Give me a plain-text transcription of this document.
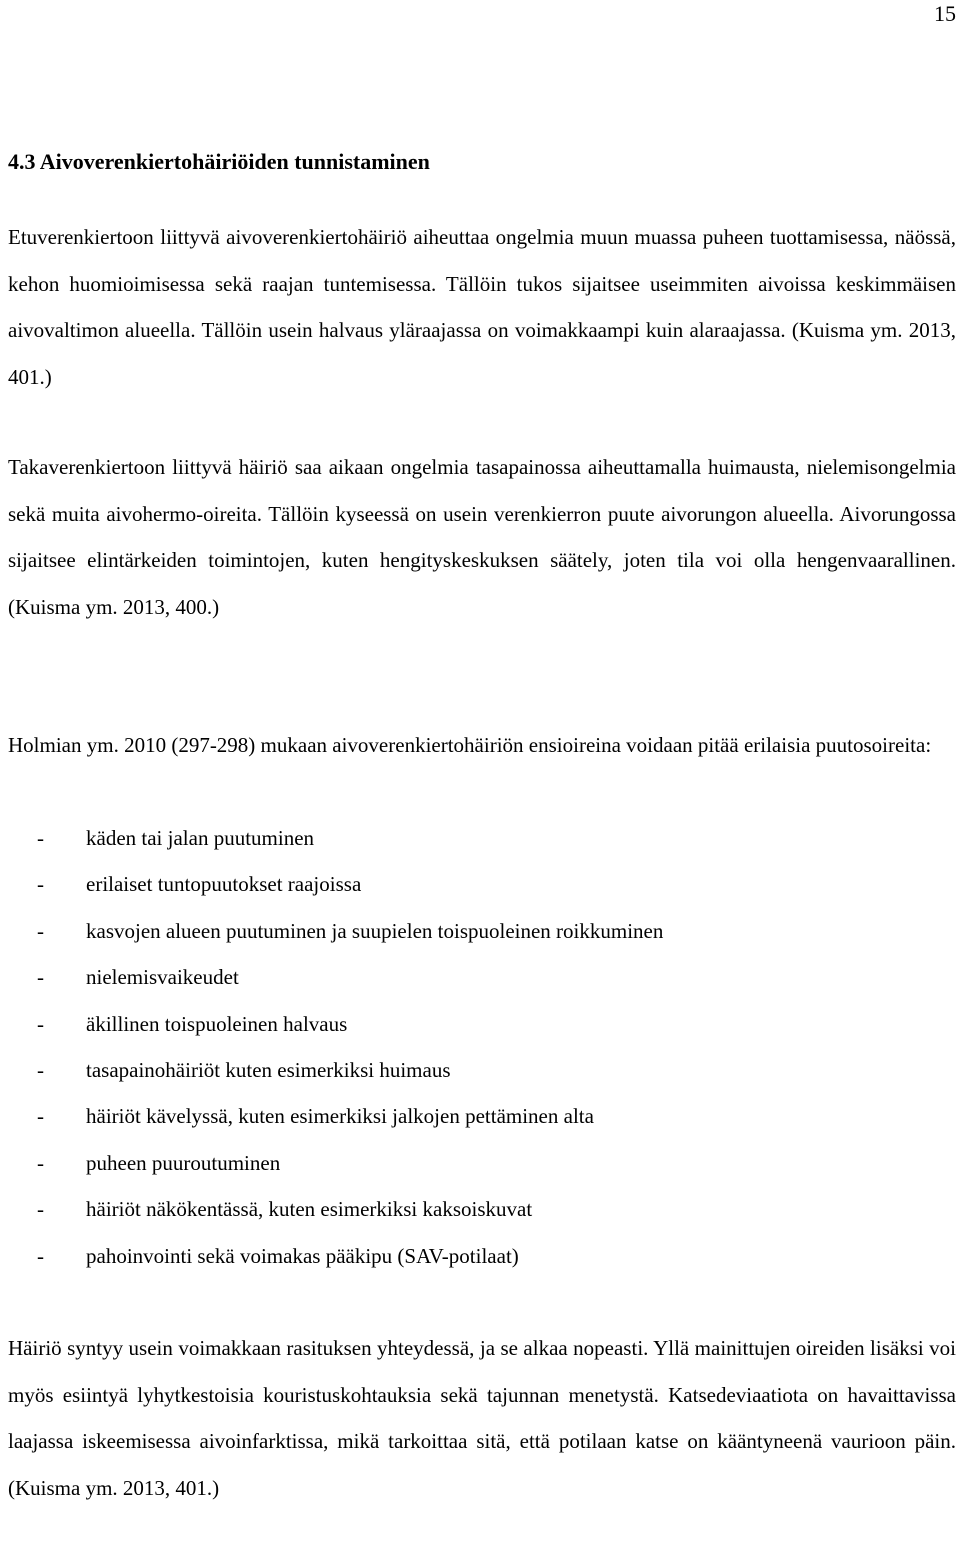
15
4.3 Aivoverenkiertohäiriöiden tunnistaminen

Etuverenkiertoon liittyvä aivoverenkiertohäiriö aiheuttaa ongelmia muun muassa puheen tuottamisessa, näössä, kehon huomioimisessa sekä raajan tuntemisessa. Tällöin tukos sijaitsee useimmiten aivoissa keskimmäisen aivovaltimon alueella. Tällöin usein halvaus yläraajassa on voimakkaampi kuin alaraajassa. (Kuisma ym. 2013, 401.)

Takaverenkiertoon liittyvä häiriö saa aikaan ongelmia tasapainossa aiheuttamalla huimausta, nielemisongelmia sekä muita aivohermo-oireita. Tällöin kyseessä on usein verenkierron puute aivorungon alueella. Aivorungossa sijaitsee elintärkeiden toimintojen, kuten hengityskeskuksen säätely, joten tila voi olla hengenvaarallinen. (Kuisma ym. 2013, 400.)

Holmian ym. 2010 (297-298) mukaan aivoverenkiertohäiriön ensioireina voidaan pitää erilaisia puutosoireita:

- käden tai jalan puutuminen
- erilaiset tuntopuutokset raajoissa
- kasvojen alueen puutuminen ja suupielen toispuoleinen roikkuminen
- nielemisvaikeudet
- äkillinen toispuoleinen halvaus
- tasapainohäiriöt kuten esimerkiksi huimaus
- häiriöt kävelyssä, kuten esimerkiksi jalkojen pettäminen alta
- puheen puuroutuminen
- häiriöt näkökentässä, kuten esimerkiksi kaksoiskuvat
- pahoinvointi sekä voimakas pääkipu (SAV-potilaat)

Häiriö syntyy usein voimakkaan rasituksen yhteydessä, ja se alkaa nopeasti. Yllä mainittujen oireiden lisäksi voi myös esiintyä lyhytkestoisia kouristuskohtauksia sekä tajunnan menetystä. Katsedeviaatiota on havaittavissa laajassa iskeemisessa aivoinfarktissa, mikä tarkoittaa sitä, että potilaan katse on kääntyneenä vaurioon päin. (Kuisma ym. 2013, 401.)
